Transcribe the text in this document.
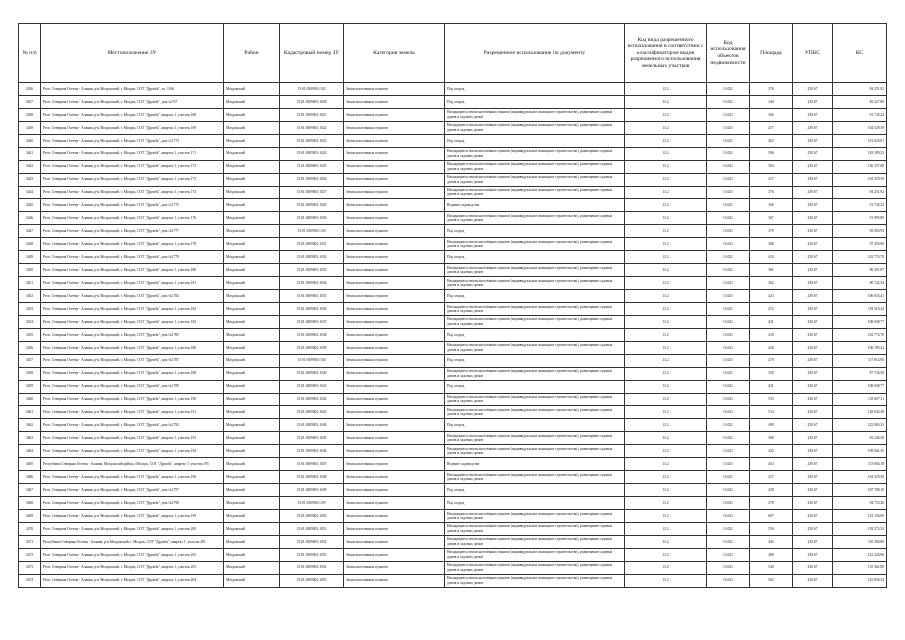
№ п/п	Местоположение ЗУ	Район	Кадастровый номер ЗУ	Категория земель	Разрешенное использование по документу	Код вида разрешенного использования в соответствии с классификатором видов разрешенного использования земельных участков	Код использования объектов недвижимости	Площадь	УПКС	КС
3436	Респ. Северная Осетия - Алания, р-н Моздокский, г. Моздок, СОТ "Дружба", уч. 1166	Моздокский	15:01:0309001:102	Земли населенных пунктов	Под огород	13.2	13:021	376	250.67	94 251.92
3437	Респ. Северная Осетия - Алания, р-н Моздокский, г. Моздок, СОТ "Дружба", дом №767	Моздокский	15:01:0309001:1028	Земли населенных пунктов	Под огород	13.2	13:021	340	250.67	85 227.80
3438	Респ. Северная Осетия - Алания, р-н Моздокский, г. Моздок, СОТ "Дружба", квартал 1, участок 168	Моздокский	15:01:0309001:1021	Земли населенных пунктов	Находящиеся земли населённых пунктов (индивидуальное жилищное строительство), размещение садовых домов и садовых домов	13.2	13:021	366	250.67	91 745.22
3439	Респ. Северная Осетия - Алания, р-н Моздокский, г. Моздок, СОТ "Дружба", квартал 1, участок 169	Моздокский	15:01:0309001:1022	Земли населенных пунктов	Находящиеся земли населённых пунктов (индивидуальное жилищное строительство), размещение садовых домов и садовых домов	13.2	13:021	417	250.67	104 529.39
3440	Респ. Северная Осетия - Алания, р-н Моздокский, г. Моздок, СОТ "Дружба", дом №1773	Моздокский	15:01:0309001:1023	Земли населенных пунктов	Под огород	13.2	13:021	403	250.67	101 020.01
3441	Респ. Северная Осетия - Алания, р-н Моздокский, г. Моздок, СОТ "Дружба", квартал 1, участок 171	Моздокский	15:01:0309001:1024	Земли населенных пунктов	Находящиеся земли населённых пунктов (индивидуальное жилищное строительство), размещение садовых домов и садовых домов	13.2	13:021	596	250.67	149 399.32
3442	Респ. Северная Осетия - Алания, р-н Моздокский, г. Моздок, СОТ "Дружба", квартал 1, участок 172	Моздокский	15:01:0309001:1025	Земли населенных пунктов	Находящиеся земли населённых пунктов (индивидуальное жилищное строительство), размещение садовых домов и садовых домов	13.2	13:021	504	250.67	126 337.68
3443	Респ. Северная Осетия - Алания, р-н Моздокский, г. Моздок, СОТ "Дружба", квартал 1, участок 173	Моздокский	15:01:0309001:1026	Земли населенных пунктов	Находящиеся земли населённых пунктов (индивидуальное жилищное строительство), размещение садовых домов и садовых домов	13.2	13:021	417	250.67	104 529.39
3444	Респ. Северная Осетия - Алания, р-н Моздокский, г. Моздок, СОТ "Дружба", квартал 1, участок 174	Моздокский	15:01:0309001:1027	Земли населенных пунктов	Находящиеся земли населённых пунктов (индивидуальное жилищное строительство), размещение садовых домов и садовых домов	13.2	13:021	376	250.67	94 251.92
3445	Респ. Северная Осетия - Алания, р-н Моздокский, г. Моздок, СОТ "Дружба", дом №1775	Моздокский	15:01:0309001:1029	Земли населенных пунктов	Ведение садоводства	13.2	13:021	366	250.67	91 745.22
3446	Респ. Северная Осетия - Алания, р-н Моздокский, г. Моздок, СОТ "Дружба", квартал 1, участок 176	Моздокский	15:01:0309001:1030	Земли населенных пунктов	Находящиеся земли населённых пунктов (индивидуальное жилищное строительство), размещение садовых домов и садовых домов	13.2	13:021	367	250.67	91 995.89
3447	Респ. Северная Осетия - Алания, р-н Моздокский, г. Моздок, СОТ "Дружба", дом №1777	Моздокский	15:01:0309001:103	Земли населенных пунктов	Под огород	13.2	13:021	379	250.67	95 003.93
3448	Респ. Северная Осетия - Алания, р-н Моздокский, г. Моздок, СОТ "Дружба", квартал 1, участок 178	Моздокский	15:01:0309001:1031	Земли населенных пунктов	Находящиеся земли населённых пунктов (индивидуальное жилищное строительство), размещение садовых домов и садовых домов	13.2	13:021	388	250.67	97 259.96
3449	Респ. Северная Осетия - Алания, р-н Моздокский, г. Моздок, СОТ "Дружба", дом №1779	Моздокский	15:01:0309001:1032	Земли населенных пунктов	Под огород	13.2	13:021	410	250.67	102 774.70
3450	Респ. Северная Осетия - Алания, р-н Моздокский, г. Моздок, СОТ "Дружба", квартал 1, участок 180	Моздокский	15:01:0309001:1033	Земли населенных пунктов	Находящиеся земли населённых пунктов (индивидуальное жилищное строительство), размещение садовых домов и садовых домов	13.2	13:021	361	250.67	90 491.87
3451	Респ. Северная Осетия - Алания, р-н Моздокский, г. Моздок, СОТ "Дружба", квартал 1, участок 181	Моздокский	15:01:0309001:1034	Земли населенных пунктов	Находящиеся земли населённых пунктов (индивидуальное жилищное строительство), размещение садовых домов и садовых домов	13.2	13:021	362	250.67	90 742.54
3452	Респ. Северная Осетия - Алания, р-н Моздокский, г. Моздок, СОТ "Дружба", дом №1782	Моздокский	15:01:0309001:1035	Земли населенных пунктов	Под огород	13.2	13:021	423	250.67	106 033.41
3453	Респ. Северная Осетия - Алания, р-н Моздокский, г. Моздок, СОТ "Дружба", квартал 1, участок 183	Моздокский	15:01:0309001:1036	Земли населенных пунктов	Находящиеся земли населённых пунктов (индивидуальное жилищное строительство), размещение садовых домов и садовых домов	13.2	13:021	472	250.67	118 316.24
3454	Респ. Северная Осетия - Алания, р-н Моздокский, г. Моздок, СОТ "Дружба", квартал 1, участок 184	Моздокский	15:01:0309001:1037	Земли населенных пунктов	Находящиеся земли населённых пунктов (индивидуальное жилищное строительство), размещение садовых домов и садовых домов	13.2	13:021	431	250.67	108 038.77
3455	Респ. Северная Осетия - Алания, р-н Моздокский, г. Моздок, СОТ "Дружба", дом №1785	Моздокский	15:01:0309001:1038	Земли населенных пунктов	Под огород	13.2	13:021	410	250.67	102 774.70
3456	Респ. Северная Осетия - Алания, р-н Моздокский, г. Моздок, СОТ "Дружба", квартал 1, участок 186	Моздокский	15:01:0309001:1039	Земли населенных пунктов	Находящиеся земли населённых пунктов (индивидуальное жилищное строительство), размещение садовых домов и садовых домов	13.2	13:021	426	250.67	106 785.42
3457	Респ. Северная Осетия - Алания, р-н Моздокский, г. Моздок, СОТ "Дружба", дом №1787	Моздокский	15:01:0309001:104	Земли населенных пунктов	Под огород	13.2	13:021	470	250.67	117 814.90
3458	Респ. Северная Осетия - Алания, р-н Моздокский, г. Моздок, СОТ "Дружба", квартал 1, участок 188	Моздокский	15:01:0309001:1040	Земли населенных пунктов	Находящиеся земли населённых пунктов (индивидуальное жилищное строительство), размещение садовых домов и садовых домов	13.2	13:021	350	250.67	87 734.50
3459	Респ. Северная Осетия - Алания, р-н Моздокский, г. Моздок, СОТ "Дружба", дом №1789	Моздокский	15:01:0309001:1041	Земли населенных пунктов	Под огород	13.2	13:021	431	250.67	108 038.77
3460	Респ. Северная Осетия - Алания, р-н Моздокский, г. Моздок, СОТ "Дружба", квартал 1, участок 190	Моздокский	15:01:0309001:1042	Земли населенных пунктов	Находящиеся земли населённых пунктов (индивидуальное жилищное строительство), размещение садовых домов и садовых домов	13.2	13:021	533	250.67	133 607.11
3461	Респ. Северная Осетия - Алания, р-н Моздокский, г. Моздок, СОТ "Дружба", квартал 1, участок 191	Моздокский	15:01:0309001:1043	Земли населенных пунктов	Находящиеся земли населённых пунктов (индивидуальное жилищное строительство), размещение садовых домов и садовых домов	13.2	13:021	514	250.67	128 844.38
3462	Респ. Северная Осетия - Алания, р-н Моздокский, г. Моздок, СОТ "Дружба", дом №1792	Моздокский	15:01:0309001:1044	Земли населенных пунктов	Под огород	13.2	13:021	499	250.67	125 084.33
3463	Респ. Северная Осетия - Алания, р-н Моздокский, г. Моздок, СОТ "Дружба", квартал 1, участок 193	Моздокский	15:01:0309001:1045	Земли населенных пунктов	Находящиеся земли населённых пунктов (индивидуальное жилищное строительство), размещение садовых домов и садовых домов	13.2	13:021	368	250.67	92 246.56
3464	Респ. Северная Осетия - Алания, р-н Моздокский, г. Моздок, СОТ "Дружба", квартал 1, участок 194	Моздокский	15:01:0309001:1046	Земли населенных пунктов	Находящиеся земли населённых пунктов (индивидуальное жилищное строительство), размещение садовых домов и садовых домов	13.2	13:021	435	250.67	109 041.45
3465	Республика Северная Осетия - Алания, Моздокский район, г.Моздок, СОТ "Дружба", квартал 1, участок 195	Моздокский	15:01:0309001:1047	Земли населенных пунктов	Ведение садоводства	13.2	13:021	454	250.67	113 804.18
3466	Респ. Северная Осетия - Алания, р-н Моздокский, г. Моздок, СОТ "Дружба", квартал 1, участок 196	Моздокский	15:01:0309001:1048	Земли населенных пунктов	Находящиеся земли населённых пунктов (индивидуальное жилищное строительство), размещение садовых домов и садовых домов	13.2	13:021	417	250.67	104 529.39
3467	Респ. Северная Осетия - Алания, р-н Моздокский, г. Моздок, СОТ "Дружба", дом №1797	Моздокский	15:01:0309001:1049	Земли населенных пунктов	Под огород	13.2	13:021	430	250.67	107 788.10
3468	Респ. Северная Осетия - Алания, р-н Моздокский, г. Моздок, СОТ "Дружба", дом №1798	Моздокский	15:01:0309001:105	Земли населенных пунктов	Под огород	13.2	13:021	378	250.67	94 753.26
3469	Респ. Северная Осетия - Алания, р-н Моздокский, г. Моздок, СОТ "Дружба", квартал 1, участок 199	Моздокский	15:01:0309001:1050	Земли населенных пунктов	Находящиеся земли населённых пунктов (индивидуальное жилищное строительство), размещение садовых домов и садовых домов	13.2	13:021	607	250.67	152 156.69
3470	Респ. Северная Осетия - Алания, р-н Моздокский, г. Моздок, СОТ "Дружба", квартал 1, участок 200	Моздокский	15:01:0309001:1051	Земли населенных пунктов	Находящиеся земли населённых пунктов (индивидуальное жилищное строительство), размещение садовых домов и садовых домов	13.2	13:021	556	250.67	139 372.52
3471	Республика Северная Осетия - Алания, р-н Моздокский, г. Моздок, СОТ "Дружба", квартал 1, участок 201	Моздокский	15:01:0309001:1052	Земли населенных пунктов	Находящиеся земли населённых пунктов (индивидуальное жилищное строительство), размещение садовых домов и садовых домов	13.2	13:021	440	250.67	110 294.80
3472	Респ. Северная Осетия - Алания, р-н Моздокский, г. Моздок, СОТ "Дружба", квартал 1, участок 202	Моздокский	15:01:0309001:1053	Земли населенных пунктов	Находящиеся земли населённых пунктов (индивидуальное жилищное строительство), размещение садовых домов и садовых домов	13.2	13:021	488	250.67	122 326.96
3473	Респ. Северная Осетия - Алания, р-н Моздокский, г. Моздок, СОТ "Дружба", квартал 1, участок 203	Моздокский	15:01:0309001:1054	Земли населенных пунктов	Находящиеся земли населённых пунктов (индивидуальное жилищное строительство), размещение садовых домов и садовых домов	13.2	13:021	540	250.67	135 361.80
3474	Респ. Северная Осетия - Алания, р-н Моздокский, г. Моздок, СОТ "Дружба", квартал 1, участок 204	Моздокский	15:01:0309001:1055	Земли населенных пунктов	Находящиеся земли населённых пунктов (индивидуальное жилищное строительство), размещение садовых домов и садовых домов	13.2	13:021	502	250.67	125 836.34
